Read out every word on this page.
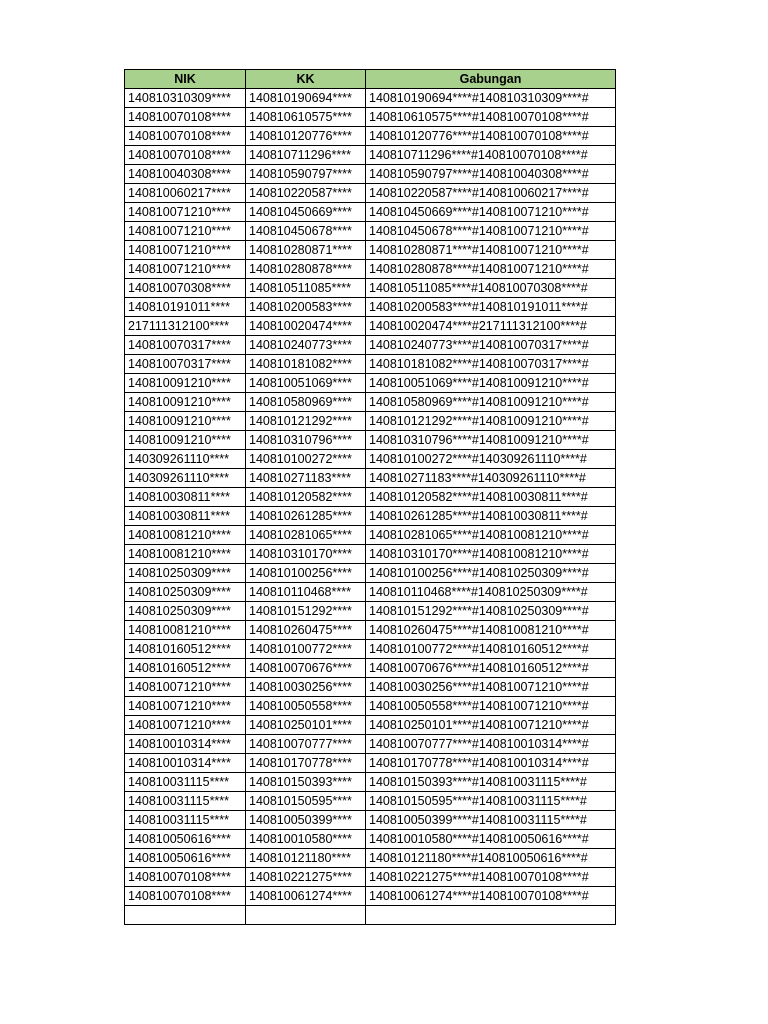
NIK	KK	Gabungan
140810310309****	140810190694****	140810190694****#140810310309****#
140810070108****	140810610575****	140810610575****#140810070108****#
140810070108****	140810120776****	140810120776****#140810070108****#
140810070108****	140810711296****	140810711296****#140810070108****#
140810040308****	140810590797****	140810590797****#140810040308****#
140810060217****	140810220587****	140810220587****#140810060217****#
140810071210****	140810450669****	140810450669****#140810071210****#
140810071210****	140810450678****	140810450678****#140810071210****#
140810071210****	140810280871****	140810280871****#140810071210****#
140810071210****	140810280878****	140810280878****#140810071210****#
140810070308****	140810511085****	140810511085****#140810070308****#
140810191011****	140810200583****	140810200583****#140810191011****#
217111312100****	140810020474****	140810020474****#217111312100****#
140810070317****	140810240773****	140810240773****#140810070317****#
140810070317****	140810181082****	140810181082****#140810070317****#
140810091210****	140810051069****	140810051069****#140810091210****#
140810091210****	140810580969****	140810580969****#140810091210****#
140810091210****	140810121292****	140810121292****#140810091210****#
140810091210****	140810310796****	140810310796****#140810091210****#
140309261110****	140810100272****	140810100272****#140309261110****#
140309261110****	140810271183****	140810271183****#140309261110****#
140810030811****	140810120582****	140810120582****#140810030811****#
140810030811****	140810261285****	140810261285****#140810030811****#
140810081210****	140810281065****	140810281065****#140810081210****#
140810081210****	140810310170****	140810310170****#140810081210****#
140810250309****	140810100256****	140810100256****#140810250309****#
140810250309****	140810110468****	140810110468****#140810250309****#
140810250309****	140810151292****	140810151292****#140810250309****#
140810081210****	140810260475****	140810260475****#140810081210****#
140810160512****	140810100772****	140810100772****#140810160512****#
140810160512****	140810070676****	140810070676****#140810160512****#
140810071210****	140810030256****	140810030256****#140810071210****#
140810071210****	140810050558****	140810050558****#140810071210****#
140810071210****	140810250101****	140810250101****#140810071210****#
140810010314****	140810070777****	140810070777****#140810010314****#
140810010314****	140810170778****	140810170778****#140810010314****#
140810031115****	140810150393****	140810150393****#140810031115****#
140810031115****	140810150595****	140810150595****#140810031115****#
140810031115****	140810050399****	140810050399****#140810031115****#
140810050616****	140810010580****	140810010580****#140810050616****#
140810050616****	140810121180****	140810121180****#140810050616****#
140810070108****	140810221275****	140810221275****#140810070108****#
140810070108****	140810061274****	140810061274****#140810070108****#
